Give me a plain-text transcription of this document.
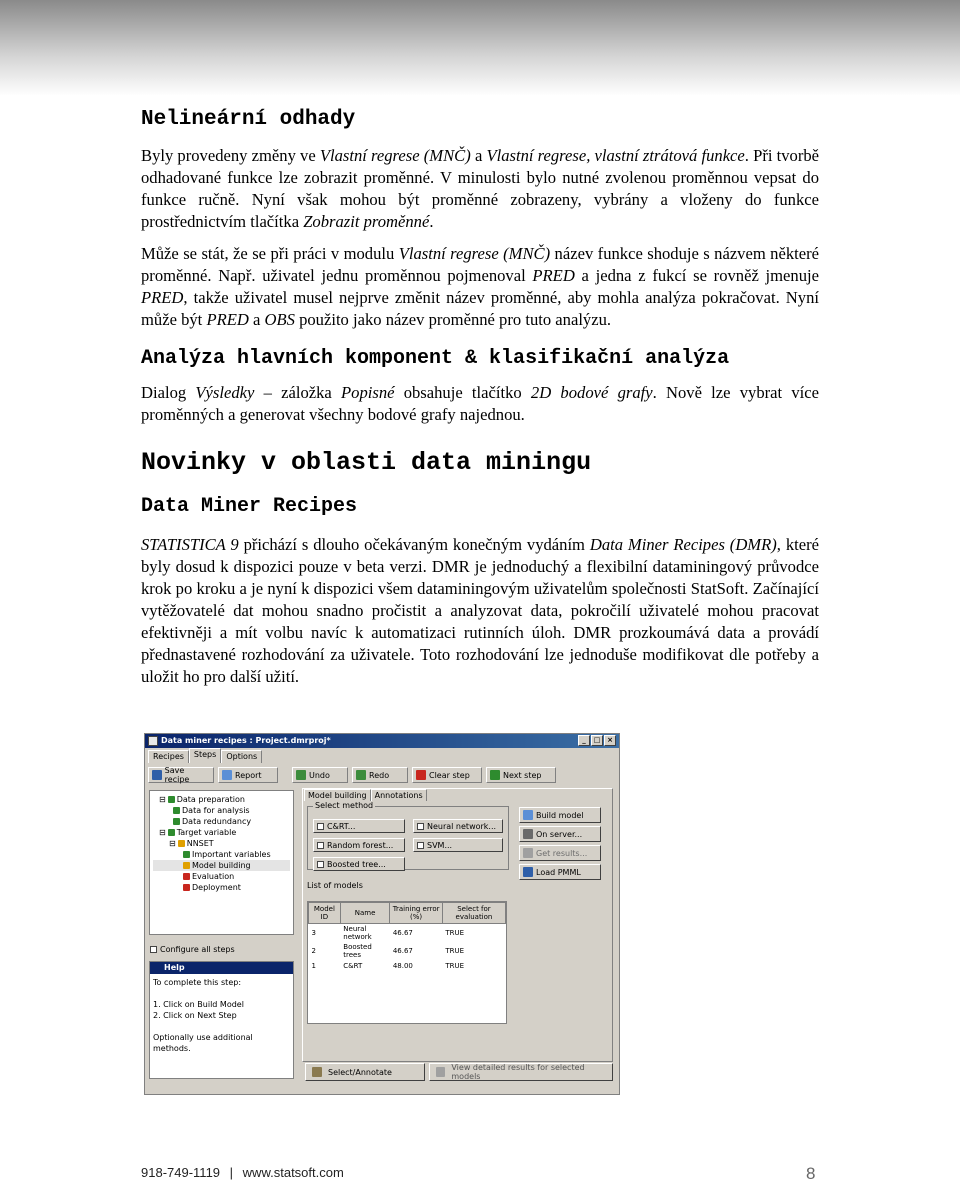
Nelineární odhady

Byly provedeny změny ve Vlastní regrese (MNČ) a Vlastní regrese, vlastní ztrátová funkce. Při tvorbě odhadované funkce lze zobrazit proměnné. V minulosti bylo nutné zvolenou proměnnou vepsat do funkce ručně. Nyní však mohou být proměnné zobrazeny, vybrány a vloženy do funkce prostřednictvím tlačítka Zobrazit proměnné.

Může se stát, že se při práci v modulu Vlastní regrese (MNČ) název funkce shoduje s názvem některé proměnné. Např. uživatel jednu proměnnou pojmenoval PRED a jedna z fukcí se rovněž jmenuje PRED, takže uživatel musel nejprve změnit název proměnné, aby mohla analýza pokračovat. Nyní může být PRED a OBS použito jako název proměnné pro tuto analýzu.

Analýza hlavních komponent & klasifikační analýza

Dialog Výsledky – záložka Popisné obsahuje tlačítko 2D bodové grafy. Nově lze vybrat více proměnných a generovat všechny bodové grafy najednou.

Novinky v oblasti data miningu
Data Miner Recipes

STATISTICA 9 přichází s dlouho očekávaným konečným vydáním Data Miner Recipes (DMR), které byly dosud k dispozici pouze v beta verzi. DMR je jednoduchý a flexibilní dataminingový průvodce krok po kroku a je nyní k dispozici všem dataminingovým uživatelům společnosti StatSoft. Začínající vytěžovatelé dat mohou snadno pročistit a analyzovat data, pokročilí uživatelé mohou pracovat efektivněji a mít volbu navíc k automatizaci rutinních úloh. DMR prozkoumává data a provádí přednastavené rozhodování za uživatele. Toto rozhodování lze jednoduše modifikovat dle potřeby a uložit ho pro další užití.

Data miner recipes : Project.dmrproj*	_	□ ×
Recipes	Steps	Options
Save recipe	Report	Undo	Redo	Clear step	Next step
⊟ Data preparation
Data for analysis
Data redundancy
⊟ Target variable
⊟ NNSET
Important variables
Model building
Evaluation
Deployment
Configure all steps
Help
To complete this step:

1. Click on Build Model
2. Click on Next Step

Optionally use additional methods.
Model building	Annotations
Select method
C&RT...	Neural network...
Random forest...	SVM...
Boosted tree...
Build model
On server...
Get results...
Load PMML
List of models
Model ID	Name	Training error (%)	Select for evaluation
3	Neural network	46.67	TRUE
2	Boosted trees	46.67	TRUE
1	C&RT	48.00	TRUE
Select/Annotate	View detailed results for selected models
918-749-1119 | www.statsoft.com	8
